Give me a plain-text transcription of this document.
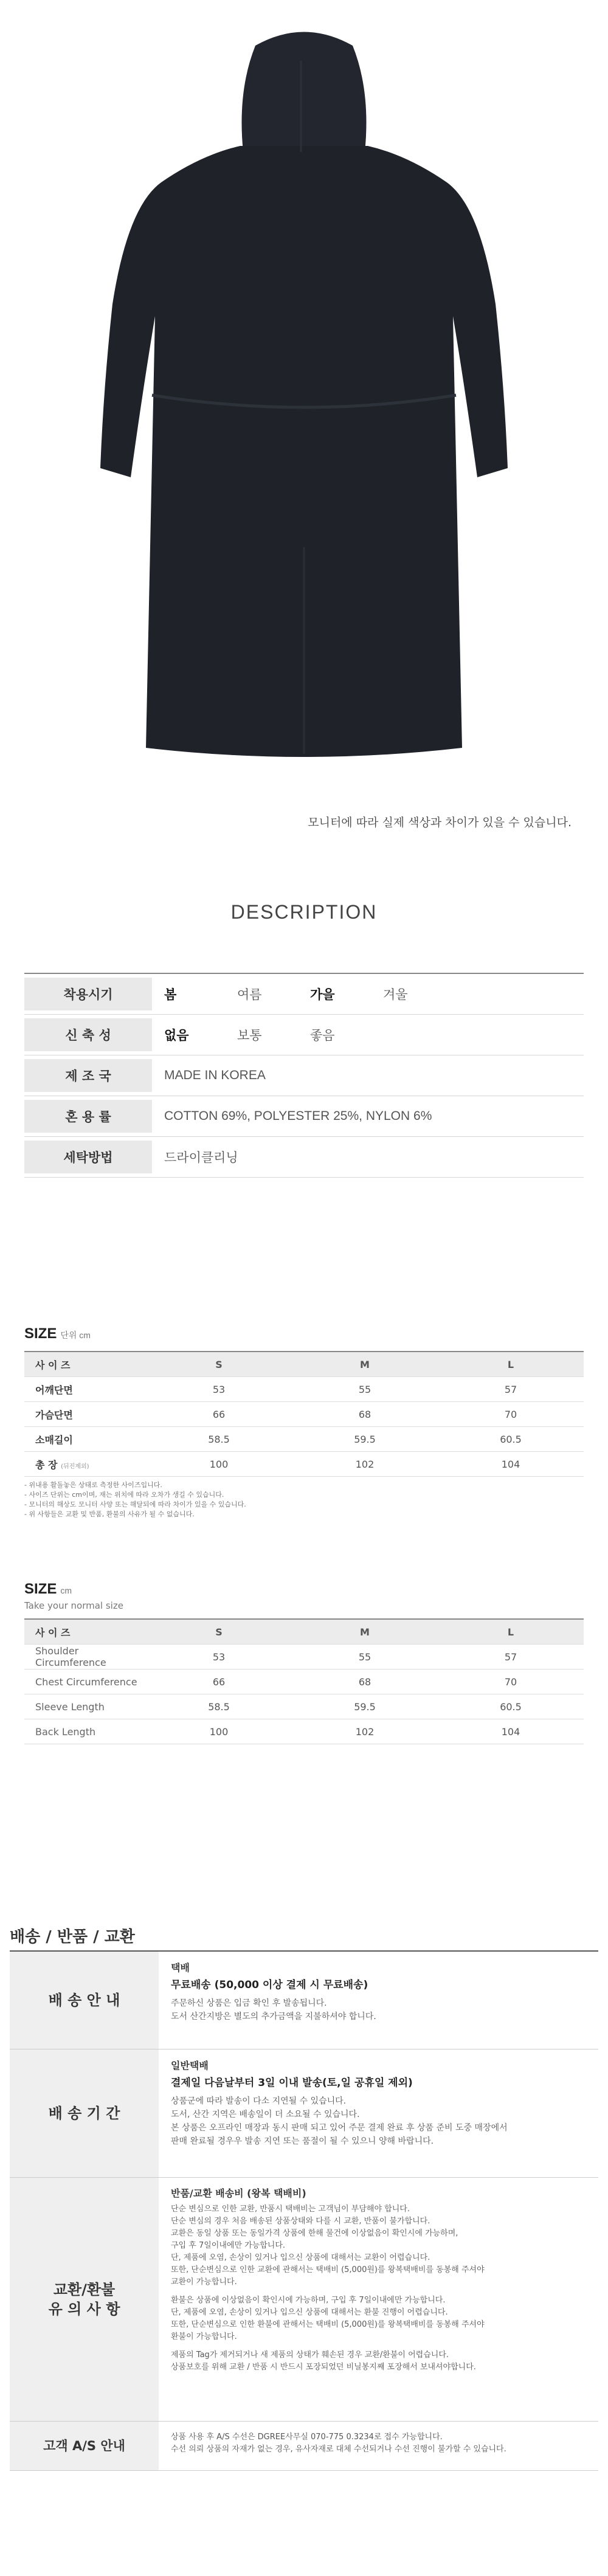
모니터에 따라 실제 색상과 차이가 있을 수 있습니다.
DESCRIPTION
착용시기	봄	여름	가을	겨울
신 축 성	없음	보통	좋음
제 조 국	MADE IN KOREA
혼 용 률	COTTON 69%, POLYESTER 25%, NYLON 6%
세탁방법	드라이클리닝
SIZE 단위 cm
사 이 즈	S	M	L
어깨단면	53	55	57
가슴단면	66	68	70
소매길이	58.5	59.5	60.5
총 장 (뒤진제외)	100	102	104
- 위내용 활돌놓은 상태로 측정한 사이즈입니다.
- 사이즈 단위는 cm이며, 재는 위치에 따라 오차가 생길 수 있습니다.
- 모니터의 해상도 모니터 사양 또는 해달되에 따라 차이가 있을 수 있습니다.
- 위 사항들은 교환 및 반품, 환불의 사유가 될 수 없습니다.
SIZE cm
Take your normal size
사 이 즈	S	M	L
Shoulder Circumference	53	55	57
Chest Circumference	66	68	70
Sleeve Length	58.5	59.5	60.5
Back Length	100	102	104
배송 / 반품 / 교환
배 송 안 내
택배
무료배송 (50,000 이상 결제 시 무료배송)
주문하신 상품은 입금 확인 후 발송됩니다.
도서 산간지방은 별도의 추가금액을 지불하셔야 합니다.
배 송 기 간
일반택배
결제일 다음날부터 3일 이내 발송(토,일 공휴일 제외)
상품군에 따라 발송이 다소 지연될 수 있습니다.
도서, 산간 지역은 배송일이 더 소요될 수 있습니다.
본 상품은 오프라인 매장과 동시 판매 되고 있어 주문 결제 완료 후 상품 준비 도중 매장에서
판매 완료될 경우우 발송 지연 또는 품절이 될 수 있으니 양해 바랍니다.
교환/환불
유 의 사 항
반품/교환 배송비 (왕복 택배비)
단순 변심으로 인한 교환, 반품시 택배비는 고객님이 부담해야 합니다.
단순 변심의 경우 처음 배송된 상품상태와 다를 시 교환, 반품이 불가합니다.
교환은 동일 상품 또는 동일가격 상품에 한해 물건에 이상없음이 확인시에 가능하며,
구입 후 7일이내에만 가능합니다.
단, 제품에 오염, 손상이 있거나 입으신 상품에 대해서는 교환이 어렵습니다.
또한, 단순변심으로 인한 교환에 관해서는 택배비 (5,000원)를 왕복택배비를 동봉해 주셔야
교환이 가능합니다.
환불은 상품에 이상없음이 확인시에 가능하며, 구입 후 7일이내에만 가능합니다.
단, 제품에 오염, 손상이 있거나 입으신 상품에 대해서는 환불 진행이 어렵습니다.
또한, 단순변심으로 인한 환불에 관해서는 택배비 (5,000원)를 왕복택배비를 동봉해 주셔야
환불이 가능합니다.
제품의 Tag가 제거되거나 새 제품의 상태가 훼손된 경우 교환/환불이 어렵습니다.
상품보호를 위해 교환 / 반품 시 반드시 포장되었던 비닐봉지째 포장해서 보내셔야합니다.
고객 A/S 안내
상품 사용 후 A/S 수선은 DGREE사무실 070-775 0.3234로 접수 가능합니다.
수선 의뢰 상품의 자재가 없는 경우, 유사자재로 대체 수선되거나 수선 진행이 불가할 수 있습니다.
